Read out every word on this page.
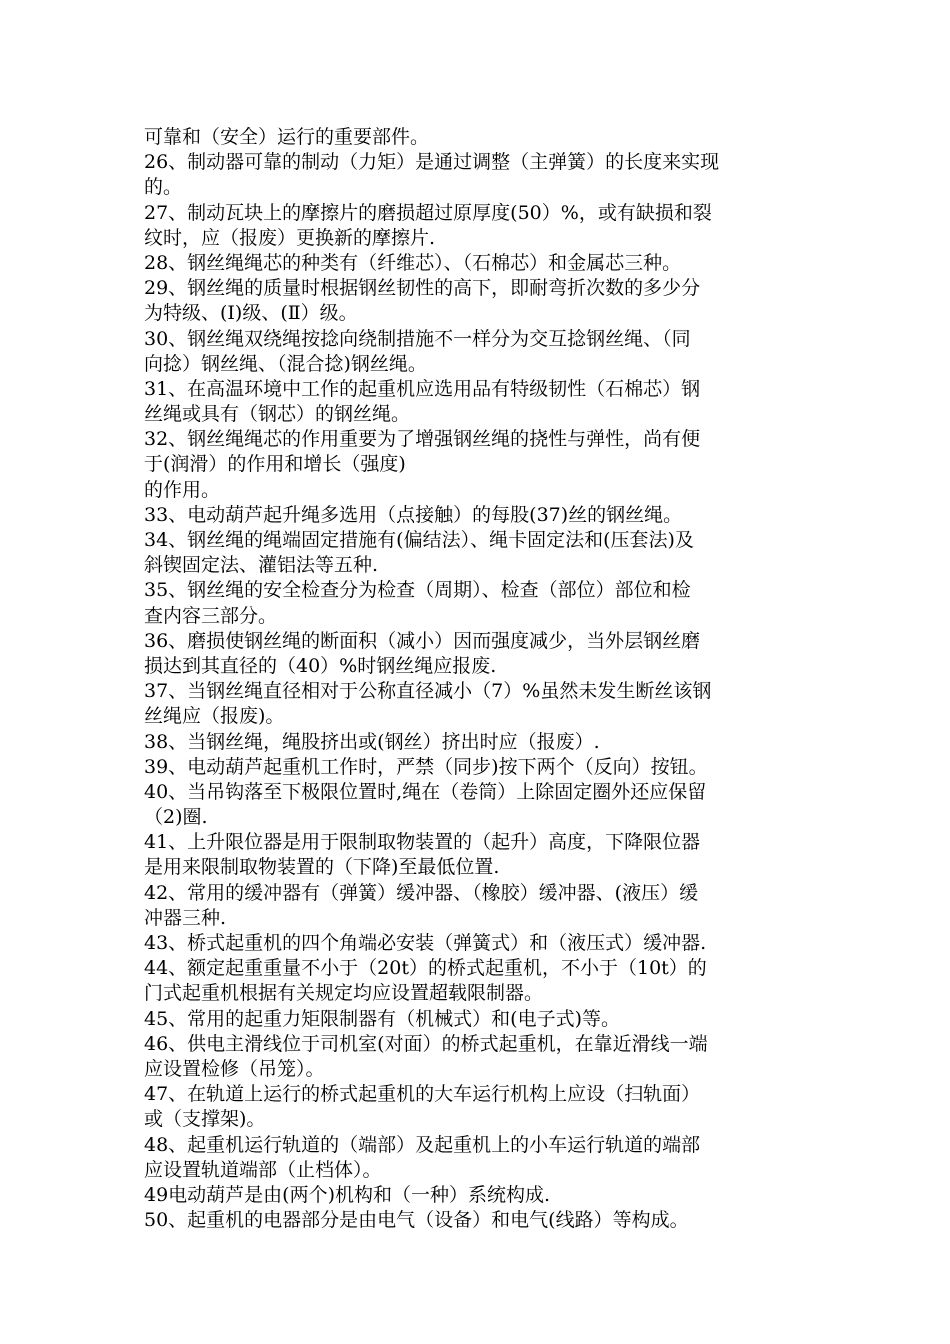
可靠和（安全）运行的重要部件。
26、制动器可靠的制动（力矩）是通过调整（主弹簧）的长度来实现
的。
27、制动瓦块上的摩擦片的磨损超过原厚度(50）%，或有缺损和裂
纹时，应（报废）更换新的摩擦片.
28、钢丝绳绳芯的种类有（纤维芯）、（石棉芯）和金属芯三种。
29、钢丝绳的质量时根据钢丝韧性的高下，即耐弯折次数的多少分
为特级、(Ⅰ)级、(Ⅱ）级。
30、钢丝绳双绕绳按捻向绕制措施不一样分为交互捻钢丝绳、（同
向捻）钢丝绳、（混合捻)钢丝绳。
31、在高温环境中工作的起重机应选用品有特级韧性（石棉芯）钢
丝绳或具有（钢芯）的钢丝绳。
32、钢丝绳绳芯的作用重要为了增强钢丝绳的挠性与弹性，尚有便
于(润滑）的作用和增长（强度)
的作用。
33、电动葫芦起升绳多选用（点接触）的每股(37)丝的钢丝绳。
34、钢丝绳的绳端固定措施有(偏结法）、绳卡固定法和(压套法)及
斜锲固定法、灌铝法等五种.
35、钢丝绳的安全检查分为检查（周期）、检查（部位）部位和检
查内容三部分。
36、磨损使钢丝绳的断面积（减小）因而强度减少，当外层钢丝磨
损达到其直径的（40）%时钢丝绳应报废.
37、当钢丝绳直径相对于公称直径减小（7）%虽然未发生断丝该钢
丝绳应（报废)。
38、当钢丝绳，绳股挤出或(钢丝）挤出时应（报废）.
39、电动葫芦起重机工作时，严禁（同步)按下两个（反向）按钮。
40、当吊钩落至下极限位置时,绳在（卷筒）上除固定圈外还应保留
（2)圈.
41、上升限位器是用于限制取物装置的（起升）高度，下降限位器
是用来限制取物装置的（下降)至最低位置.
42、常用的缓冲器有（弹簧）缓冲器、（橡胶）缓冲器、(液压）缓
冲器三种.
43、桥式起重机的四个角端必安装（弹簧式）和（液压式）缓冲器.
44、额定起重重量不小于（20t）的桥式起重机，不小于（10t）的
门式起重机根据有关规定均应设置超载限制器。
45、常用的起重力矩限制器有（机械式）和(电子式)等。
46、供电主滑线位于司机室(对面）的桥式起重机，在靠近滑线一端
应设置检修（吊笼）。
47、在轨道上运行的桥式起重机的大车运行机构上应设（扫轨面）
或（支撑架)。
48、起重机运行轨道的（端部）及起重机上的小车运行轨道的端部
应设置轨道端部（止档体）。
49电动葫芦是由(两个)机构和（一种）系统构成.
50、起重机的电器部分是由电气（设备）和电气(线路）等构成。
